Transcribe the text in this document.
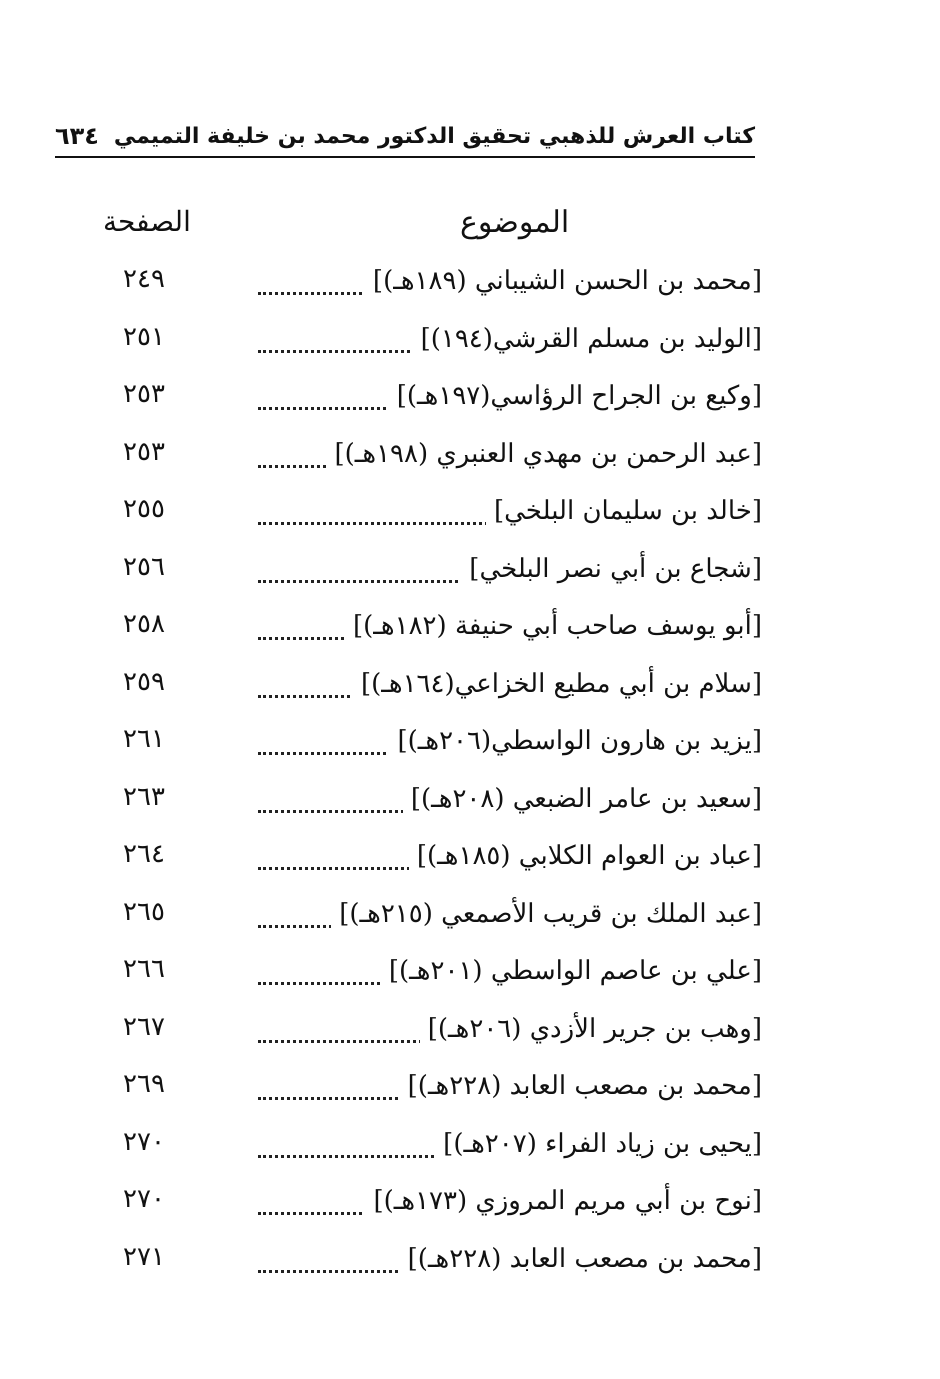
كتاب العرش للذهبي تحقيق الدكتور محمد بن خليفة التميمي
٦٣٤
الموضوع
الصفحة
[محمد بن الحسن الشيباني (١٨٩هـ)]
٢٤٩
[الوليد بن مسلم القرشي(١٩٤)]
٢٥١
[وكيع بن الجراح الرؤاسي(١٩٧هـ)]
٢٥٣
[عبد الرحمن بن مهدي العنبري (١٩٨هـ)]
٢٥٣
[خالد بن سليمان البلخي]
٢٥٥
[شجاع بن أبي نصر البلخي]
٢٥٦
[أبو يوسف صاحب أبي حنيفة (١٨٢هـ)]
٢٥٨
[سلام بن أبي مطيع الخزاعي(١٦٤هـ)]
٢٥٩
[يزيد بن هارون الواسطي(٢٠٦هـ)]
٢٦١
[سعيد بن عامر الضبعي (٢٠٨هـ)]
٢٦٣
[عباد بن العوام الكلابي (١٨٥هـ)]
٢٦٤
[عبد الملك بن قريب الأصمعي (٢١٥هـ)]
٢٦٥
[علي بن عاصم الواسطي (٢٠١هـ)]
٢٦٦
[وهب بن جرير الأزدي (٢٠٦هـ)]
٢٦٧
[محمد بن مصعب العابد (٢٢٨هـ)]
٢٦٩
[يحيى بن زياد الفراء (٢٠٧هـ)]
٢٧٠
[نوح بن أبي مريم المروزي (١٧٣هـ)]
٢٧٠
[محمد بن مصعب العابد (٢٢٨هـ)]
٢٧١
